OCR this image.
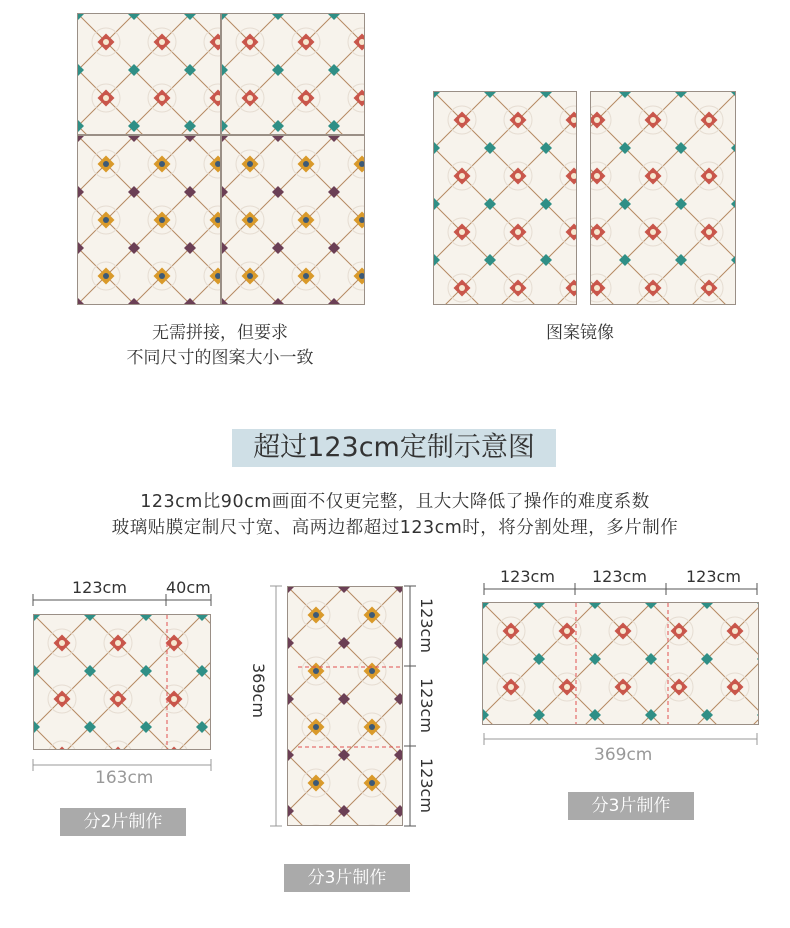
无需拼接，但要求
不同尺寸的图案大小一致
图案镜像
超过123cm定制示意图
123cm比90cm画面不仅更完整，且大大降低了操作的难度系数
玻璃贴膜定制尺寸宽、高两边都超过123cm时，将分割处理，多片制作
123cm 40cm
163cm
分2片制作
369cm
123cm
123cm
123cm
分3片制作
123cm 123cm 123cm
369cm
分3片制作
